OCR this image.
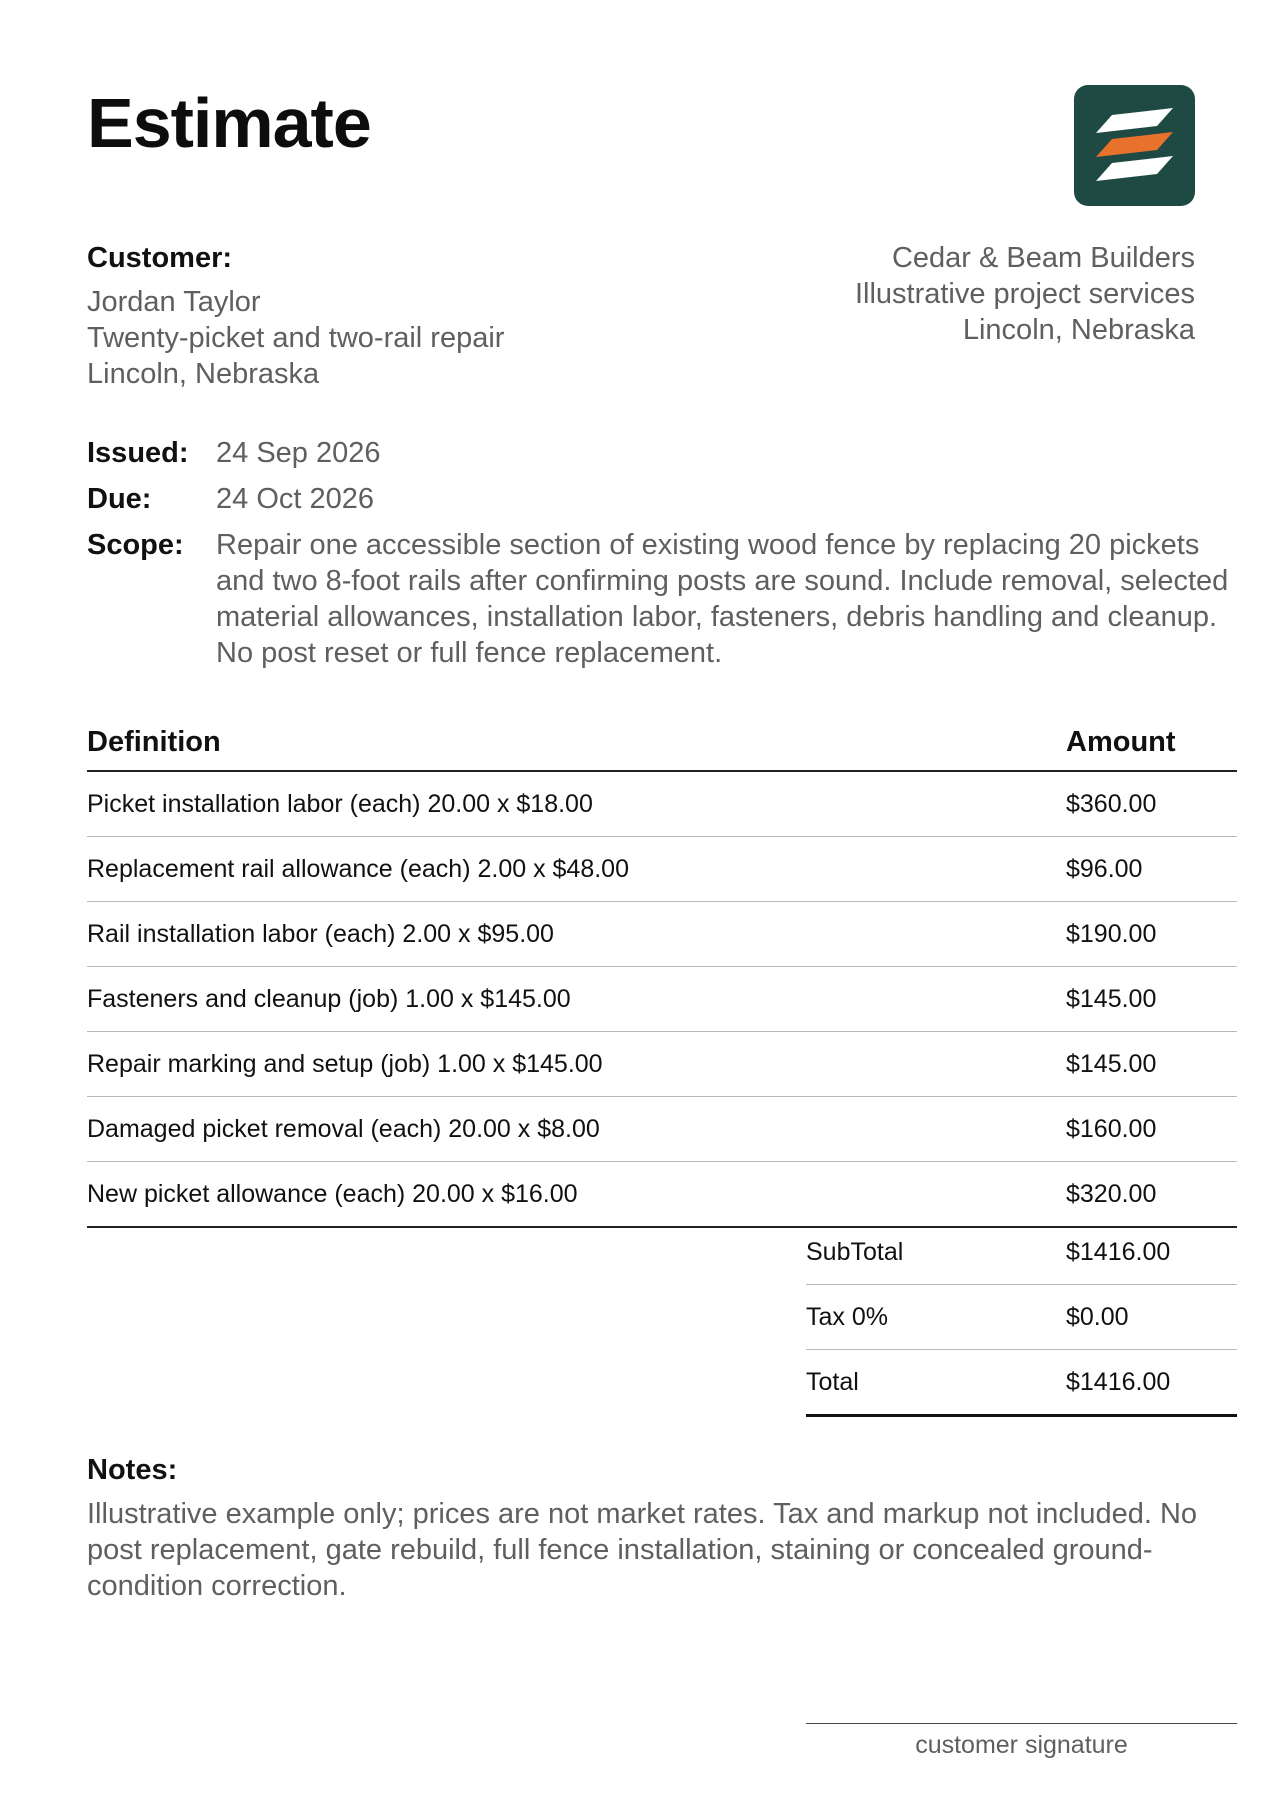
Estimate
Customer:
Jordan Taylor
Twenty-picket and two-rail repair
Lincoln, Nebraska
Cedar & Beam Builders
Illustrative project services
Lincoln, Nebraska
Issued: 24 Sep 2026
Due:	24 Oct 2026
Scope:	Repair one accessible section of existing wood fence by replacing 20 pickets and two 8-foot rails after confirming posts are sound. Include removal, selected material allowances, installation labor, fasteners, debris handling and cleanup. No post reset or full fence replacement.
Definition	Amount
Picket installation labor (each) 20.00 x $18.00	$360.00
Replacement rail allowance (each) 2.00 x $48.00	$96.00
Rail installation labor (each) 2.00 x $95.00	$190.00
Fasteners and cleanup (job) 1.00 x $145.00	$145.00
Repair marking and setup (job) 1.00 x $145.00	$145.00
Damaged picket removal (each) 20.00 x $8.00	$160.00
New picket allowance (each) 20.00 x $16.00	$320.00
SubTotal	$1416.00
Tax 0%	$0.00
Total	$1416.00
Notes:
Illustrative example only; prices are not market rates. Tax and markup not included. No post replacement, gate rebuild, full fence installation, staining or concealed ground-condition correction.
customer signature
